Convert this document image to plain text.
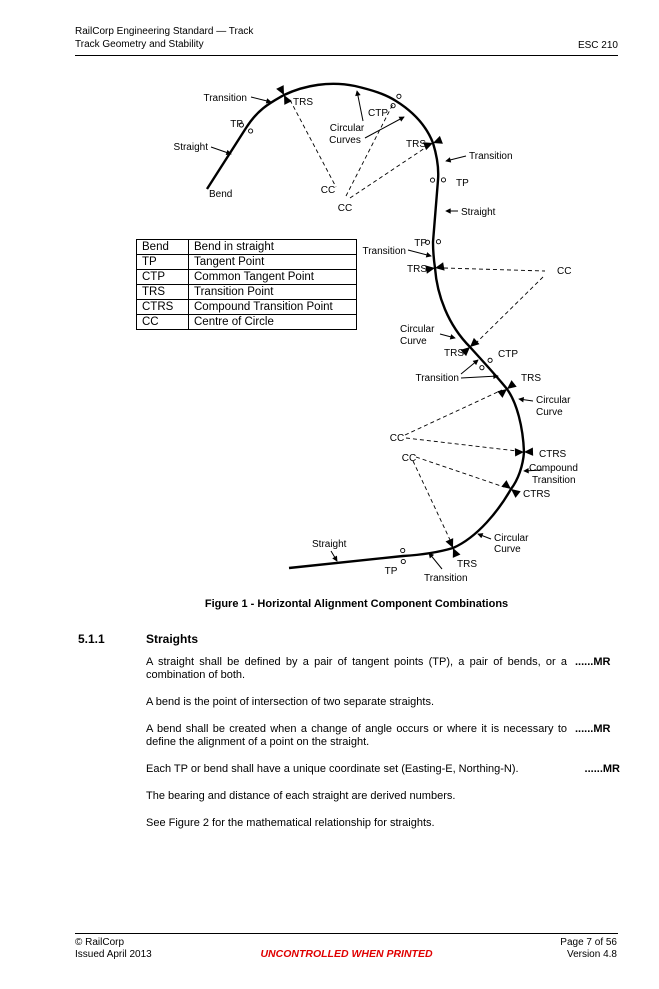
RailCorp Engineering Standard — Track
Track Geometry and Stability	ESC 210
Transition	TRS
TP
Straight
Bend
Circular
Curves
CTP
CC
CC
TRS
Transition
TP
Straight
TP
Transition
TRS	CC
Circular
Curve
TRS	CTP
Transition	TRS
Circular
Curve
CC
CC	CTRS
Compound
Transition
CTRS
Circular
Curve
Straight
TP
Transition
TRS
Bend	Bend in straight
TP	Tangent Point
CTP	Common Tangent Point
TRS	Transition Point
CTRS	Compound Transition Point
CC	Centre of Circle
Figure 1 - Horizontal Alignment Component Combinations
5.1.1	Straights
A straight shall be defined by a pair of tangent points (TP), a pair of bends, or a combination of both.
......MR
A bend is the point of intersection of two separate straights.
A bend shall be created when a change of angle occurs or where it is necessary to define the alignment of a point on the straight.
......MR
Each TP or bend shall have a unique coordinate set (Easting-E, Northing-N).	......MR
The bearing and distance of each straight are derived numbers.
See Figure 2 for the mathematical relationship for straights.
© RailCorp
Issued April 2013	UNCONTROLLED WHEN PRINTED
Page 7 of 56
Version 4.8
